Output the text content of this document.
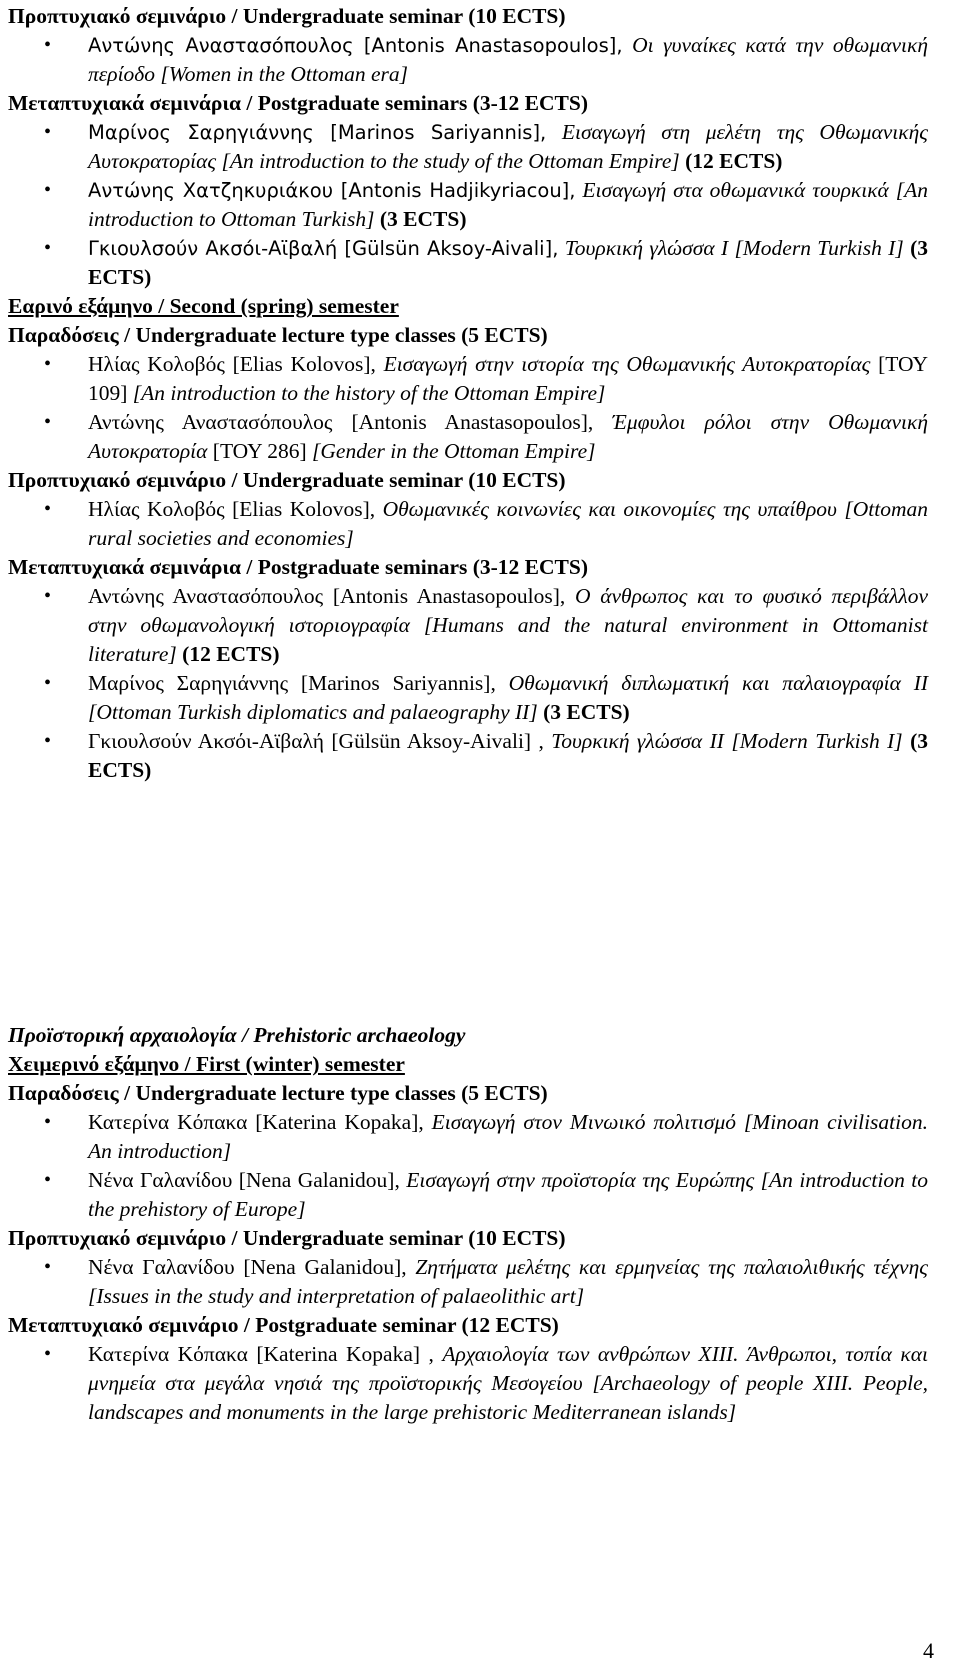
Προπτυχιακό σεμινάριο / Undergraduate seminar (10 ECTS)

• Αντώνης Αναστασόπουλος [Antonis Anastasopoulos], Οι γυναίκες κατά την οθωμανική περίοδο [Women in the Ottoman era]

Μεταπτυχιακά σεμινάρια / Postgraduate seminars (3-12 ECTS)

• Μαρίνος Σαρηγιάννης [Marinos Sariyannis], Εισαγωγή στη μελέτη της Οθωμανικής Αυτοκρατορίας [An introduction to the study of the Ottoman Empire] (12 ECTS)
• Αντώνης Χατζηκυριάκου [Antonis Hadjikyriacou], Εισαγωγή στα οθωμανικά τουρκικά [An introduction to Ottoman Turkish] (3 ECTS)
• Γκιουλσούν Ακσόι-Αϊβαλή [Gülsün Aksoy-Aivali], Τουρκική γλώσσα Ι [Modern Turkish I] (3 ECTS)

Εαρινό εξάμηνο / Second (spring) semester

Παραδόσεις / Undergraduate lecture type classes (5 ECTS)

• Ηλίας Κολοβός [Elias Kolovos], Εισαγωγή στην ιστορία της Οθωμανικής Αυτοκρατορίας [ΤΟΥ 109] [An introduction to the history of the Ottoman Empire]
• Αντώνης Αναστασόπουλος [Antonis Anastasopoulos], Έμφυλοι ρόλοι στην Οθωμανική Αυτοκρατορία [ΤΟΥ 286] [Gender in the Ottoman Empire]

Προπτυχιακό σεμινάριο / Undergraduate seminar (10 ECTS)

• Ηλίας Κολοβός [Elias Kolovos], Οθωμανικές κοινωνίες και οικονομίες της υπαίθρου [Ottoman rural societies and economies]

Μεταπτυχιακά σεμινάρια / Postgraduate seminars (3-12 ECTS)

• Αντώνης Αναστασόπουλος [Antonis Anastasopoulos], Ο άνθρωπος και το φυσικό περιβάλλον στην οθωμανολογική ιστοριογραφία [Humans and the natural environment in Ottomanist literature] (12 ECTS)
• Μαρίνος Σαρηγιάννης [Marinos Sariyannis], Οθωμανική διπλωματική και παλαιογραφία ΙΙ [Ottoman Turkish diplomatics and palaeography II] (3 ECTS)
• Γκιουλσούν Ακσόι-Αϊβαλή [Gülsün Aksoy-Aivali] , Τουρκική γλώσσα ΙΙ [Modern Turkish I] (3 ECTS)

Προϊστορική αρχαιολογία / Prehistoric archaeology

Χειμερινό εξάμηνο / First (winter) semester

Παραδόσεις / Undergraduate lecture type classes (5 ECTS)

• Κατερίνα Κόπακα [Katerina Kopaka], Εισαγωγή στον Μινωικό πολιτισμό [Minoan civilisation. An introduction]
• Νένα Γαλανίδου [Nena Galanidou], Εισαγωγή στην προϊστορία της Ευρώπης [An introduction to the prehistory of Europe]

Προπτυχιακό σεμινάριο / Undergraduate seminar (10 ECTS)

• Νένα Γαλανίδου [Nena Galanidou], Ζητήματα μελέτης και ερμηνείας της παλαιολιθικής τέχνης [Issues in the study and interpretation of palaeolithic art]

Μεταπτυχιακό σεμινάριο / Postgraduate seminar (12 ECTS)

• Κατερίνα Κόπακα [Katerina Kopaka] , Αρχαιολογία των ανθρώπων ΧΙΙΙ. Άνθρωποι, τοπία και μνημεία στα μεγάλα νησιά της προϊστορικής Μεσογείου [Archaeology of people XIII. People, landscapes and monuments in the large prehistoric Mediterranean islands]
4
